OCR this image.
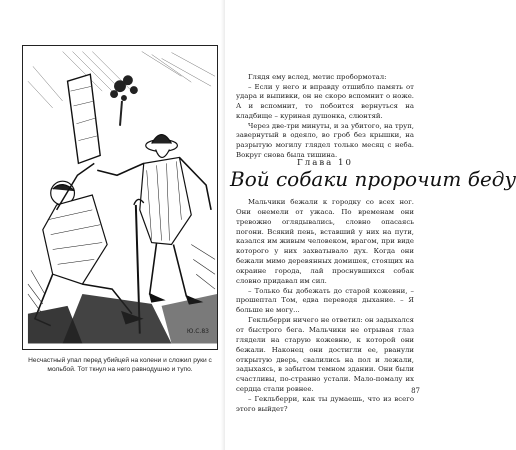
Ю.С.83

Несчастный упал перед убийцей на колени и сложил руки с мольбой. Тот ткнул на него равнодушно и тупо.

Глядя ему вслед, метис пробормотал:

– Если у него и вправду отшибло память от удара и выпивки, он не скоро вспомнит о ноже. А и вспомнит, то побоится вернуться на кладбище – куриная душонка, слюнтяй.

Через две-три минуты, и за убитого, на труп, завернутый в одеяло, во гроб без крышки, на разрытую могилу глядел только месяц с неба. Вокруг снова была тишина.

Глава 10
Вой собаки пророчит беду

Мальчики бежали к городку со всех ног. Они онемели от ужаса. По временам они тревожно оглядывались, словно опасаясь погони. Всякий пень, вставший у них на пути, казался им живым человеком, врагом, при виде которого у них захватывало дух. Когда они бежали мимо деревянных домишек, стоящих на окраине города, лай проснувшихся собак словно придавал им сил.

– Только бы добежать до старой кожевни, – прошептал Том, едва переводя дыхание. – Я больше не могу...

Гекльберри ничего не ответил: он задыхался от быстрого бега. Мальчики не отрывая глаз глядели на старую кожевню, к которой они бежали. Наконец они достигли ее, рванули открытую дверь, свалились на пол и лежали, задыхаясь, в забытом темном здании. Они были счастливы, по-странно устали. Мало-помалу их сердца стали ровнее.

– Гекльберри, как ты думаешь, что из всего этого выйдет?

87
